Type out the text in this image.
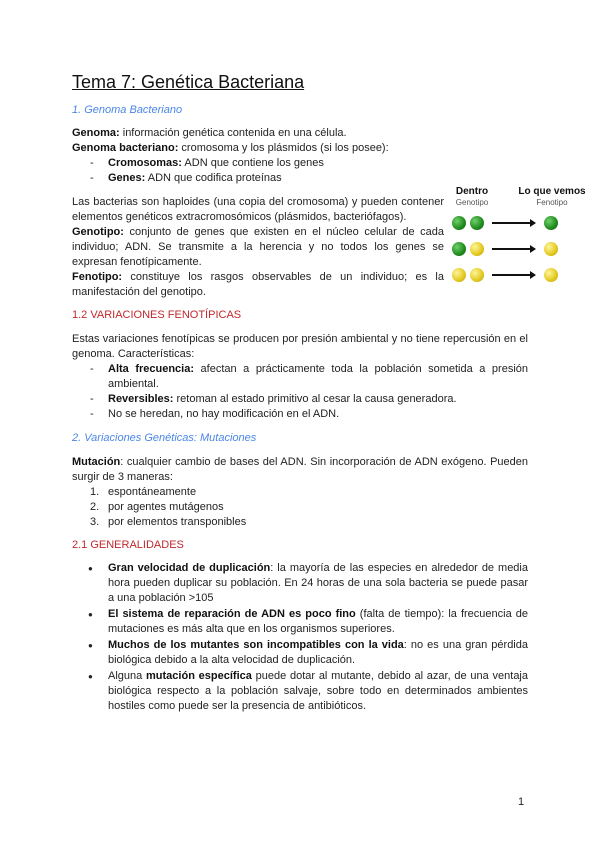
Tema 7: Genética Bacteriana
1. Genoma Bacteriano
Genoma: información genética contenida en una célula.
Genoma bacteriano: cromosoma y los plásmidos (si los posee):
- Cromosomas: ADN que contiene los genes
- Genes: ADN que codifica proteínas
Las bacterias son haploides (una copia del cromosoma) y pueden contener elementos genéticos extracromosómicos (plásmidos, bacteriófagos).
Genotipo: conjunto de genes que existen en el núcleo celular de cada individuo; ADN. Se transmite a la herencia y no todos los genes se expresan fenotípicamente.
Fenotipo: constituye los rasgos observables de un individuo; es la manifestación del genotipo.
Dentro
Genotipo
Lo que vemos
Fenotipo
1.2 VARIACIONES FENOTÍPICAS
Estas variaciones fenotípicas se producen por presión ambiental y no tiene repercusión en el genoma. Características:
- Alta frecuencia: afectan a prácticamente toda la población sometida a presión ambiental.
- Reversibles: retoman al estado primitivo al cesar la causa generadora.
- No se heredan, no hay modificación en el ADN.
2. Variaciones Genéticas: Mutaciones
Mutación: cualquier cambio de bases del ADN. Sin incorporación de ADN exógeno. Pueden surgir de 3 maneras:
1. espontáneamente
2. por agentes mutágenos
3. por elementos transponibles
2.1 GENERALIDADES
● Gran velocidad de duplicación: la mayoría de las especies en alrededor de media hora pueden duplicar su población. En 24 horas de una sola bacteria se puede pasar a una población >105
● El sistema de reparación de ADN es poco fino (falta de tiempo): la frecuencia de mutaciones es más alta que en los organismos superiores.
● Muchos de los mutantes son incompatibles con la vida: no es una gran pérdida biológica debido a la alta velocidad de duplicación.
● Alguna mutación específica puede dotar al mutante, debido al azar, de una ventaja biológica respecto a la población salvaje, sobre todo en determinados ambientes hostiles como puede ser la presencia de antibióticos.
1
